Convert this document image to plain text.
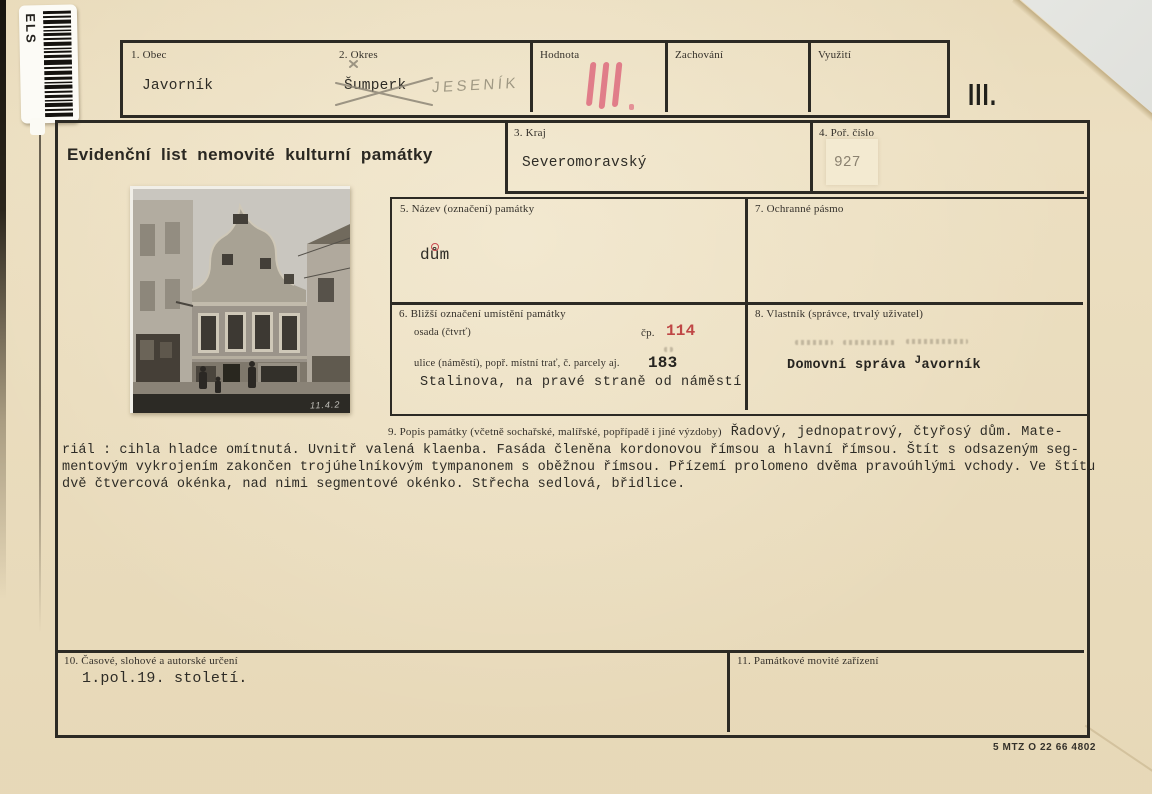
ELS
1. Obec
Javorník
2. Okres
Šumperk JESENÍK
Hodnota	Zachování	Využití
III.
3. Kraj
Severomoravský
4. Poř. číslo
927
Evidenční list nemovité kulturní památky
11.4.2
5. Název (označení) památky
dům
7. Ochranné pásmo
6. Bližší označení umístění památky
osada (čtvrť)	čp. 114
ulice (náměstí), popř. místní trať, č. parcely aj. 183
Stalinova, na pravé straně od náměstí
8. Vlastník (správce, trvalý uživatel)
Domovní správa $^J$avorník
9. Popis památky (včetně sochařské, malířské, popřípadě i jiné výzdoby) Řadový, jednopatrový, čtyřosý dům. Mate-
riál : cihla hladce omítnutá. Uvnitř valená klaenba. Fasáda členěna kordonovou římsou a hlavní římsou. Štít s odsazeným seg-
mentovým vykrojením zakončen trojúhelníkovým tympanonem s oběžnou římsou. Přízemí prolomeno dvěma pravoúhlými vchody. Ve štítu
dvě čtvercová okénka, nad nimi segmentové okénko. Střecha sedlová, břidlice.
10. Časové, slohové a autorské určení
1.pol.19. století.
11. Památkové movité zařízení
5 MTZ O 22 66 4802
